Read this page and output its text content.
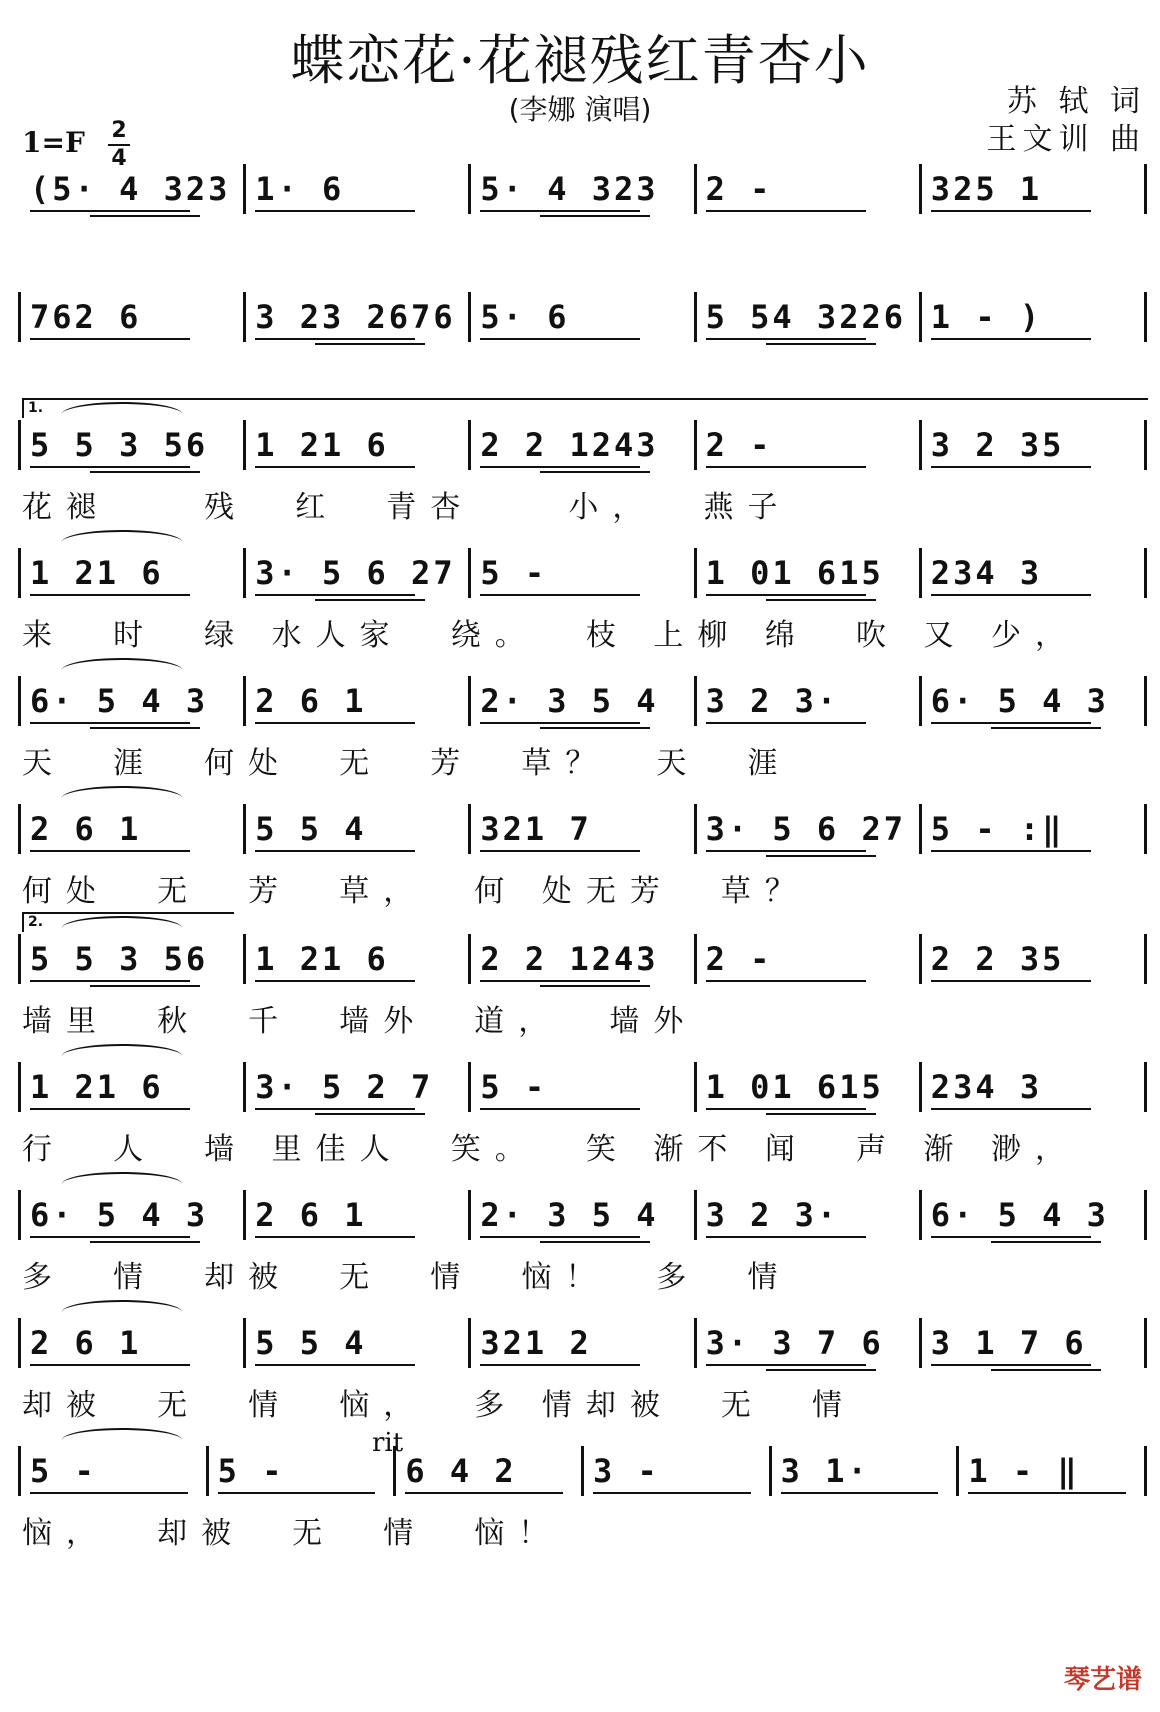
蝶恋花·花褪残红青杏小
(李娜 演唱)	苏 轼 词
王文训 曲
1=F 2
4
(5· 4 323 1· 6	5· 4 323 2 -	325 1
762 6	3 23 2676 5· 6	5 54 3226 1 - )
5 5 3 56 1 21 6	2 2 1243 2 -	3 2 35
花褪    残  红  青杏    小，  燕子
1 21 6	3· 5 6 27 5 -	1 01 615 234 3
来  时  绿 水人家  绕。  枝 上柳 绵  吹 又 少，
6· 5 4 3 2 6 1	2· 3 5 4 3 2 3·	6· 5 4 3
天  涯  何处  无  芳  草？  天  涯
2 6 1	5 5 4	321 7	3· 5 6 27 5 - :‖
何处  无  芳  草，  何 处无芳  草？
5 5 3 56 1 21 6	2 2 1243 2 -	2 2 35
墙里  秋  千  墙外  道，  墙外
1 21 6	3· 5 2 7 5 -	1 01 615 234 3
行  人  墙 里佳人  笑。  笑 渐不 闻  声 渐 渺，
6· 5 4 3 2 6 1	2· 3 5 4 3 2 3·	6· 5 4 3
多  情  却被  无  情  恼！  多  情
2 6 1	5 5 4	321 2	3· 3 7 6 3 1 7 6
却被  无  情  恼，  多 情却被  无  情
5 -	5 -	6 4 2 3 -	3 1·	1 - ‖
恼，  却被  无  情  恼！
1.
2.
rit
琴艺谱
